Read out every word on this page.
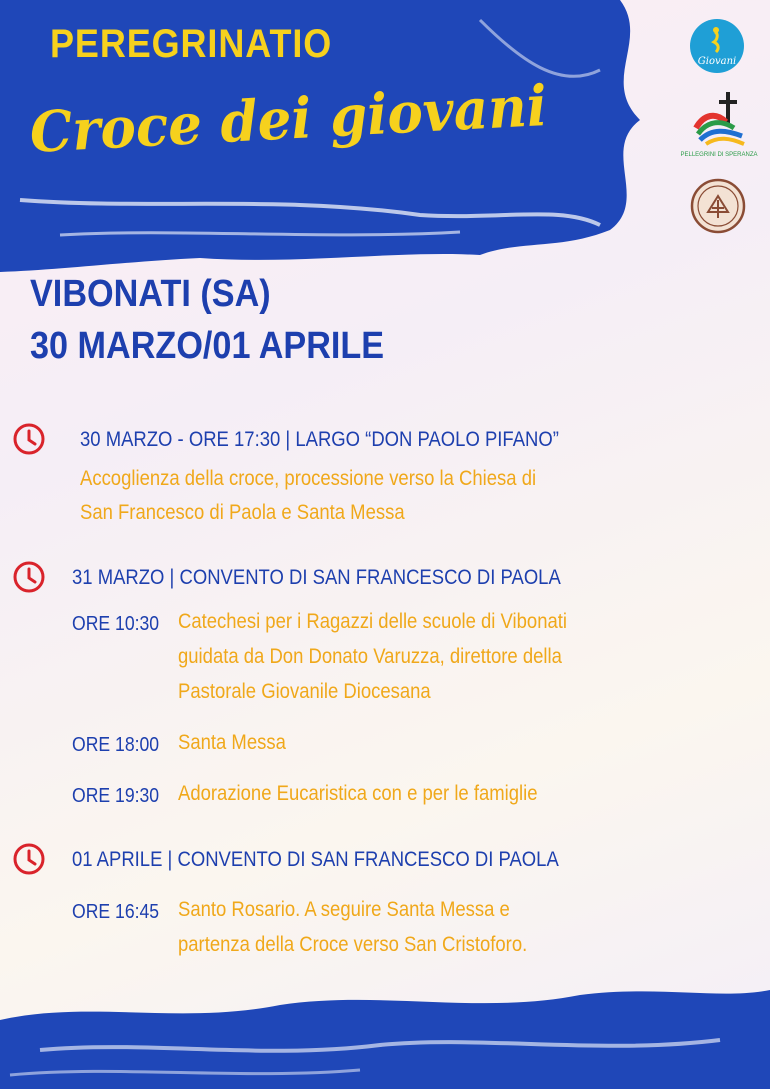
PEREGRINATIO
Croce dei giovani
Giovani
PELLEGRINI DI SPERANZA
VIBONATI (SA)
30 MARZO/01 APRILE
30 MARZO - ORE 17:30 | LARGO “DON PAOLO PIFANO”
Accoglienza della croce, processione verso la Chiesa di
San Francesco di Paola e Santa Messa
31 MARZO | CONVENTO DI SAN FRANCESCO DI PAOLA
ORE 10:30 Catechesi per i Ragazzi delle scuole di Vibonati
guidata da Don Donato Varuzza, direttore della
Pastorale Giovanile Diocesana
ORE 18:00 Santa Messa
ORE 19:30 Adorazione Eucaristica con e per le famiglie
01 APRILE | CONVENTO DI SAN FRANCESCO DI PAOLA
ORE 16:45 Santo Rosario. A seguire Santa Messa e
partenza della Croce verso San Cristoforo.
